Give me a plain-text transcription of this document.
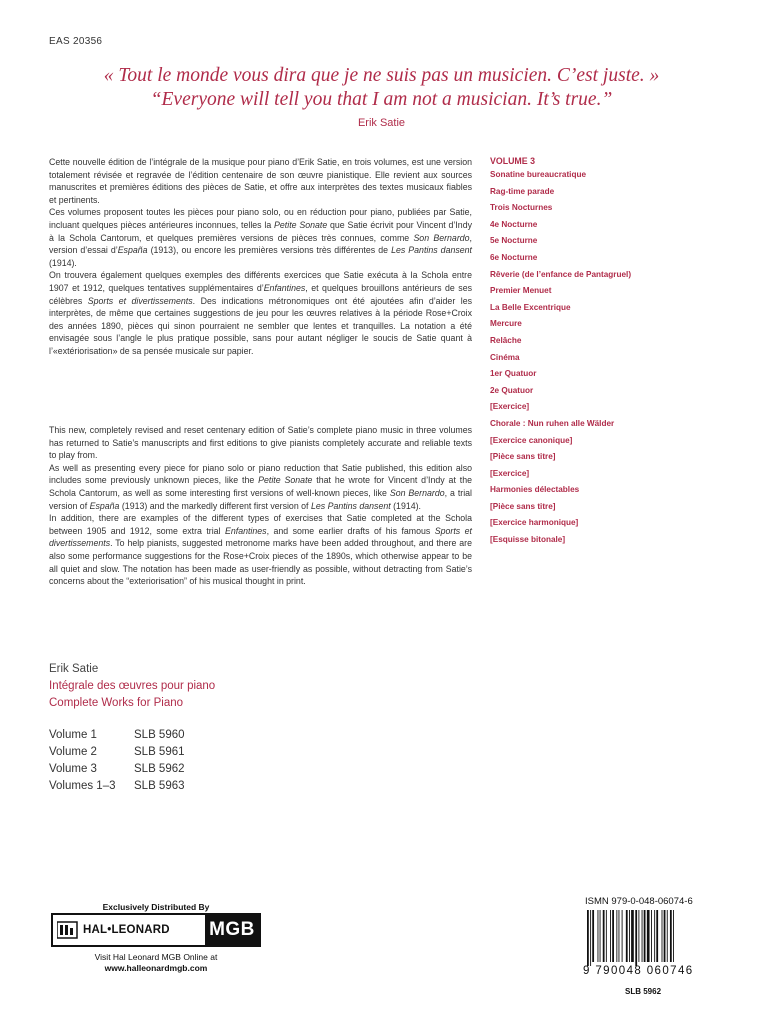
EAS 20356
« Tout le monde vous dira que je ne suis pas un musicien. C’est juste. »
“Everyone will tell you that I am not a musician. It’s true.”
Erik Satie

Cette nouvelle édition de l’intégrale de la musique pour piano d’Erik Satie, en trois volumes, est une version totalement révisée et regravée de l’édition centenaire de son œuvre pianistique. Elle revient aux sources manuscrites et premières éditions des pièces de Satie, et offre aux interprètes des textes musicaux fiables et pertinents.

Ces volumes proposent toutes les pièces pour piano solo, ou en réduction pour piano, publiées par Satie, incluant quelques pièces antérieures inconnues, telles la Petite Sonate que Satie écrivit pour Vincent d’Indy à la Schola Cantorum, et quelques premières versions de pièces très connues, comme Son Bernardo, version d’essai d’España (1913), ou encore les premières versions très différentes de Les Pantins dansent (1914).

On trouvera également quelques exemples des différents exercices que Satie exécuta à la Schola entre 1907 et 1912, quelques tentatives supplémentaires d’Enfantines, et quelques brouillons antérieurs de ses célèbres Sports et divertissements. Des indications métronomiques ont été ajoutées afin d’aider les interprètes, de même que certaines suggestions de jeu pour les œuvres relatives à la période Rose+Croix des années 1890, pièces qui sinon pourraient ne sembler que lentes et tranquilles. La notation a été envisagée sous l’angle le plus pratique possible, sans pour autant négliger le soucis de Satie quant à l’«extériorisation» de sa pensée musicale sur papier.

This new, completely revised and reset centenary edition of Satie’s complete piano music in three volumes has returned to Satie’s manuscripts and first editions to give pianists completely accurate and reliable texts to play from.

As well as presenting every piece for piano solo or piano reduction that Satie published, this edition also includes some previously unknown pieces, like the Petite Sonate that he wrote for Vincent d’Indy at the Schola Cantorum, as well as some interesting first versions of well-known pieces, like Son Bernardo, a trial version of España (1913) and the markedly different first version of Les Pantins dansent (1914).

In addition, there are examples of the different types of exercises that Satie completed at the Schola between 1905 and 1912, some extra trial Enfantines, and some earlier drafts of his famous Sports et divertissements. To help pianists, suggested metronome marks have been added throughout, and there are also some performance suggestions for the Rose+Croix pieces of the 1890s, which otherwise appear to be all quiet and slow. The notation has been made as user-friendly as possible, without detracting from Satie’s concerns about the “exteriorisation” of his musical thought in print.

VOLUME 3
Sonatine bureaucratique
Rag-time parade
Trois Nocturnes
4e Nocturne
5e Nocturne
6e Nocturne
Rêverie (de l’enfance de Pantagruel)
Premier Menuet
La Belle Excentrique
Mercure
Relâche
Cinéma
1er Quatuor
2e Quatuor
[Exercice]
Chorale : Nun ruhen alle Wälder
[Exercice canonique]
[Pièce sans titre]
[Exercice]
Harmonies délectables
[Pièce sans titre]
[Exercice harmonique]
[Esquisse bitonale]
Erik Satie
Intégrale des œuvres pour piano
Complete Works for Piano
Volume 1	SLB 5960
Volume 2	SLB 5961
Volume 3	SLB 5962
Volumes 1–3	SLB 5963
Exclusively Distributed By
HAL•LEONARD MGB
Visit Hal Leonard MGB Online at
www.halleonardmgb.com
ISMN 979-0-048-06074-6
9 790048 060746
SLB 5962
